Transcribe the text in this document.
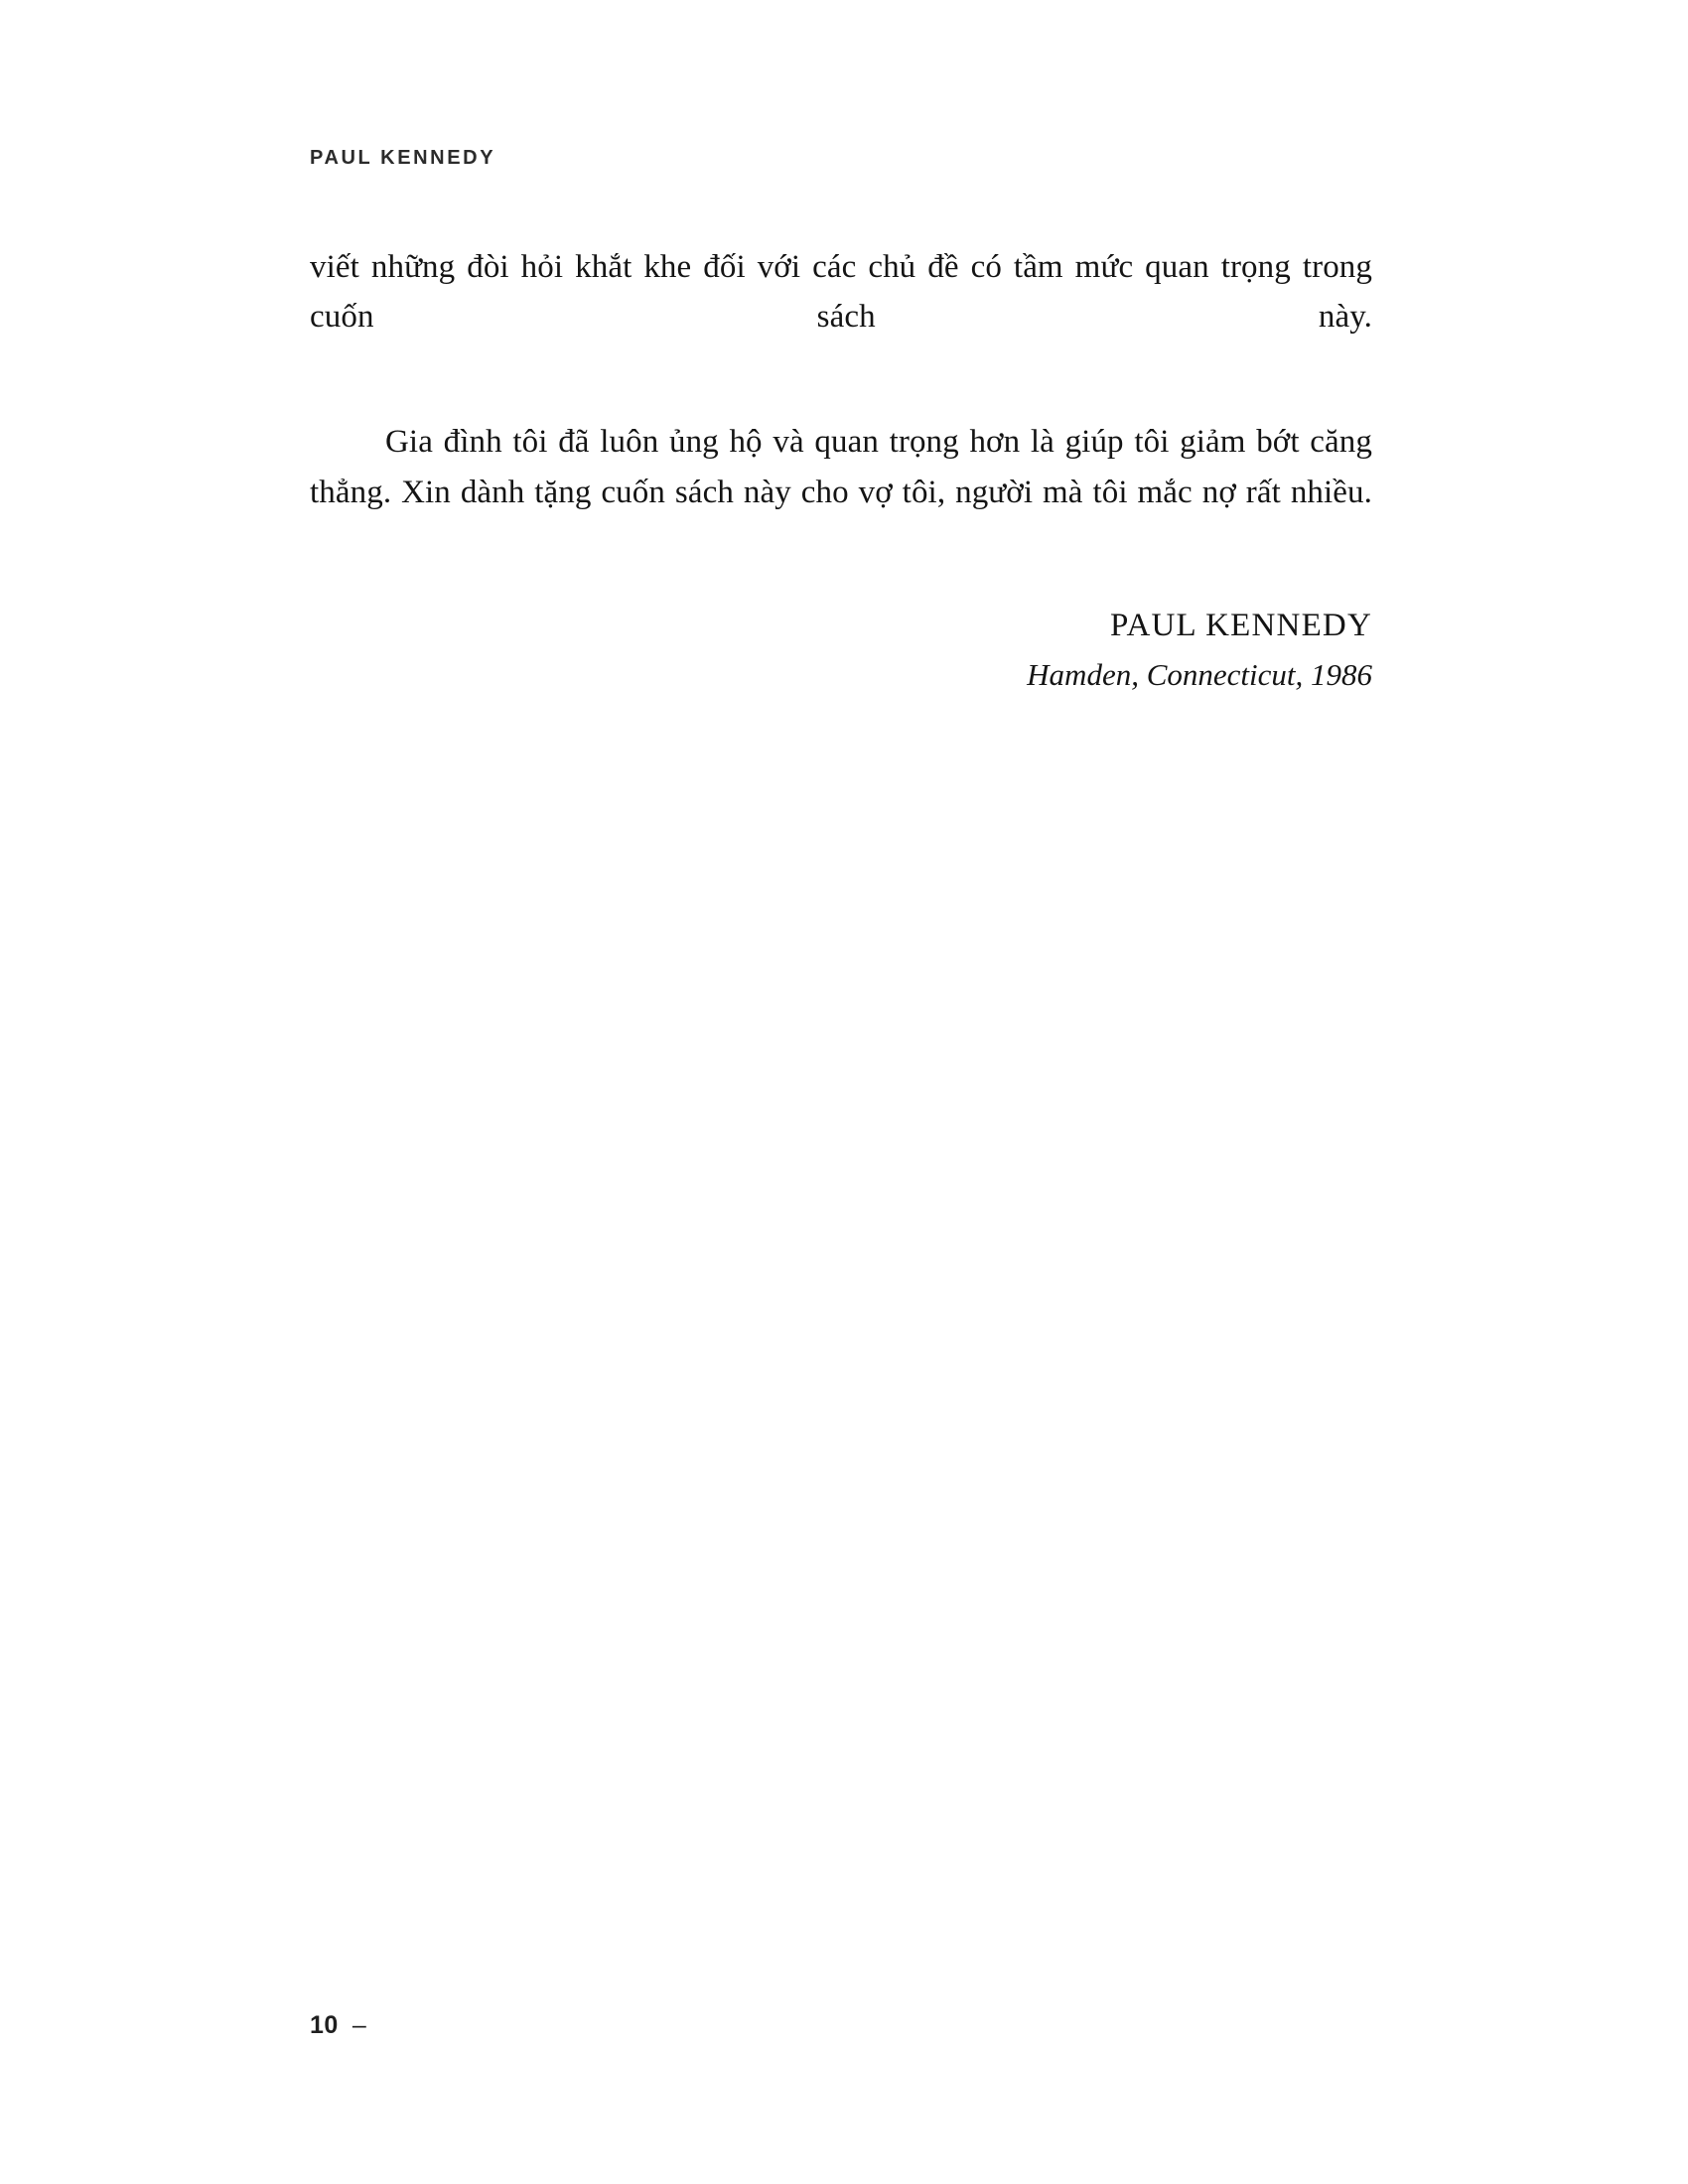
PAUL KENNEDY

viết những đòi hỏi khắt khe đối với các chủ đề có tầm mức quan trọng trong cuốn sách này.

Gia đình tôi đã luôn ủng hộ và quan trọng hơn là giúp tôi giảm bớt căng thẳng. Xin dành tặng cuốn sách này cho vợ tôi, người mà tôi mắc nợ rất nhiều.

PAUL KENNEDY
Hamden, Connecticut, 1986
10 –
